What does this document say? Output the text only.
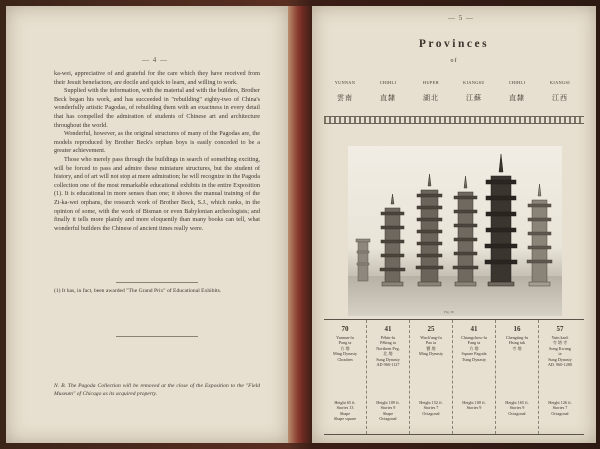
— 4 —

ka-wei, appreciative of and grateful for the care which they have received from their Jesuit benefactors, are docile and quick to learn, and willing to work.

Supplied with the information, with the material and with the builders, Brother Beck began his work, and has succeeded in "rebuilding" eighty-two of China's wonderfully artistic Pagodas, of rebuilding them with an exactness in every detail that has compelled the admiration of students of Chinese art and architecture throughout the world.

Wonderful, however, as the original structures of many of the Pagodas are, the models reproduced by Brother Beck's orphan boys is easily conceded to be a greater achievement.

Those who merely pass through the buildings in search of something exciting, will be forced to pass and admire these miniature structures, but the student of history, and of art will not stop at mere admiration; he will recognize in the Pagoda collection one of the most remarkable educational exhibits in the entire Exposition (1). It is educational in more senses than one; it shows the manual training of the Zi-ka-wei orphans, the research work of Brother Beck, S.J., which ranks, in the opinion of some, with the work of Bisman or even Babylonian archeologists; and finally it tells more plainly and more eloquently than many books can tell, what wonderful builders the Chinese of ancient times really were.

(1) It has, in fact, been awarded "The Grand Prix" of Educational Exhibits.
N. B. The Pagoda Collection will be removed at the close of the Exposition to the "Field Museum" of Chicago as its acquired property.
— 5 —
Provinces
of
YUNNAN
雲南
CHIHLI
直隸
HUPEH
湖北
KIANGSU
江蘇
CHIHLI
直隸
KIANGSI
江西
Fig. 30
70
Yunnan-fu
Pong ta
方 塔
Ming Dynasty
Chouhen
Height 65 ft.
Stories 13
Shape
Shape square
41
Pékin-fu
Pêking ta
Northern Peg.
北 塔
Sung Dynasty
AD 960-1127
Height 109 ft.
Stories 9
Shape
Octagonal
25
Wuch'ang-fu
Pao ta
寶 塔
Ming Dynasty
Height 152 ft.
Stories 7
Octagonal
41
Chiangchow-fu
Fang ta
方 塔
Square Pagoda
Tsing Dynasty
Height 100 ft.
Stories 9
16
Chengting-fu
Hsing tak
寺 塔
Height 165 ft.
Stories 9
Octagonal
57
Yuin kan't
寺 塔 寺
Song Kwang
ta
Sung Dynasty
AD. 960-1280
Height 126 ft.
Stories 7
Octagonal
